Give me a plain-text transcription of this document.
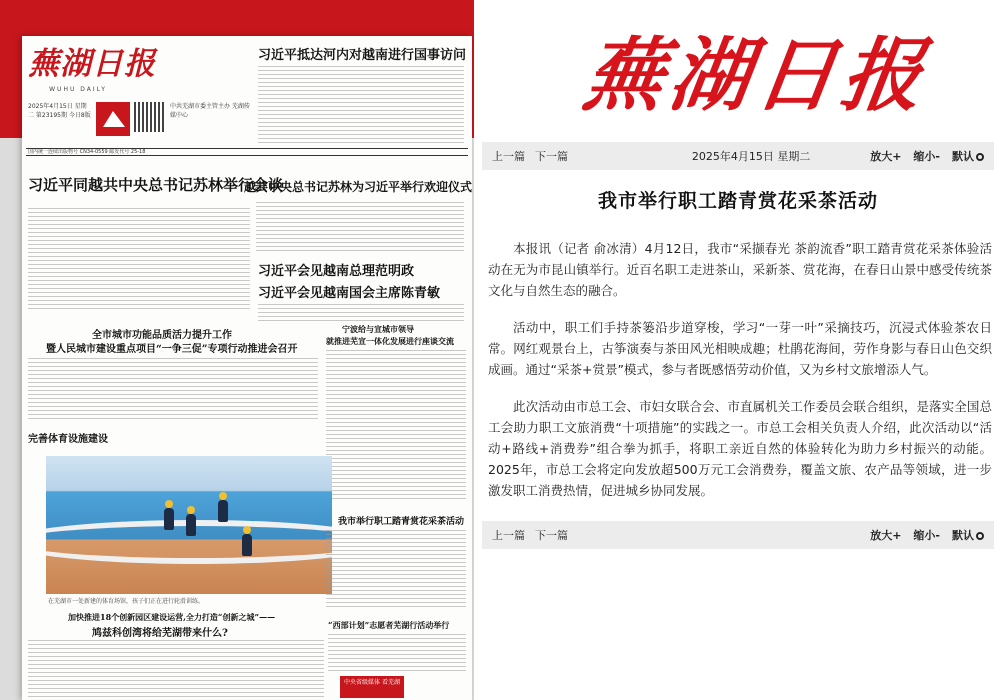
蕪湖日报
WUHU DAILY
2025年4月15日 星期二 第23195期 今日8版
中共芜湖市委主管主办 芜湖传媒中心
国内统一连续出版物号 CN34-0559 邮发代号 25-18
习近平抵达河内对越南进行国事访问
习近平同越共中央总书记苏林举行会谈
越共中央总书记苏林为习近平举行欢迎仪式
习近平会见越南总理范明政
习近平会见越南国会主席陈青敏
全市城市功能品质活力提升工作
暨人民城市建设重点项目“一争三促”专项行动推进会召开
宁波给与宣城市领导
就推进芜宣一体化发展进行座谈交流
完善体育设施建设
在芜湖市一处新建的体育场馆，孩子们正在进行轮滑训练。
我市举行职工踏青赏花采茶活动
加快推进18个创新园区建设运营,全力打造“创新之城”——
鸠兹科创湾将给芜湖带来什么?
“西部计划”志愿者芜湖行活动举行
中央省级媒体 看芜湖
蕪湖日报
上一篇 下一篇	2025年4月15日 星期二	放大+ 缩小- 默认
我市举行职工踏青赏花采茶活动

本报讯（记者 俞冰清）4月12日，我市“采撷春光 茶韵流香”职工踏青赏花采茶体验活动在无为市昆山镇举行。近百名职工走进茶山，采新茶、赏花海，在春日山景中感受传统茶文化与自然生态的融合。

活动中，职工们手持茶篓沿步道穿梭，学习“一芽一叶”采摘技巧，沉浸式体验茶农日常。网红观景台上，古筝演奏与茶田风光相映成趣；杜鹃花海间，劳作身影与春日山色交织成画。通过“采茶+赏景”模式，参与者既感悟劳动价值，又为乡村文旅增添人气。

此次活动由市总工会、市妇女联合会、市直属机关工作委员会联合组织，是落实全国总工会助力职工文旅消费“十项措施”的实践之一。市总工会相关负责人介绍，此次活动以“活动+路线+消费券”组合拳为抓手，将职工亲近自然的体验转化为助力乡村振兴的动能。2025年，市总工会将定向发放超500万元工会消费券，覆盖文旅、农产品等领域，进一步激发职工消费热情，促进城乡协同发展。

上一篇 下一篇	放大+ 缩小- 默认
